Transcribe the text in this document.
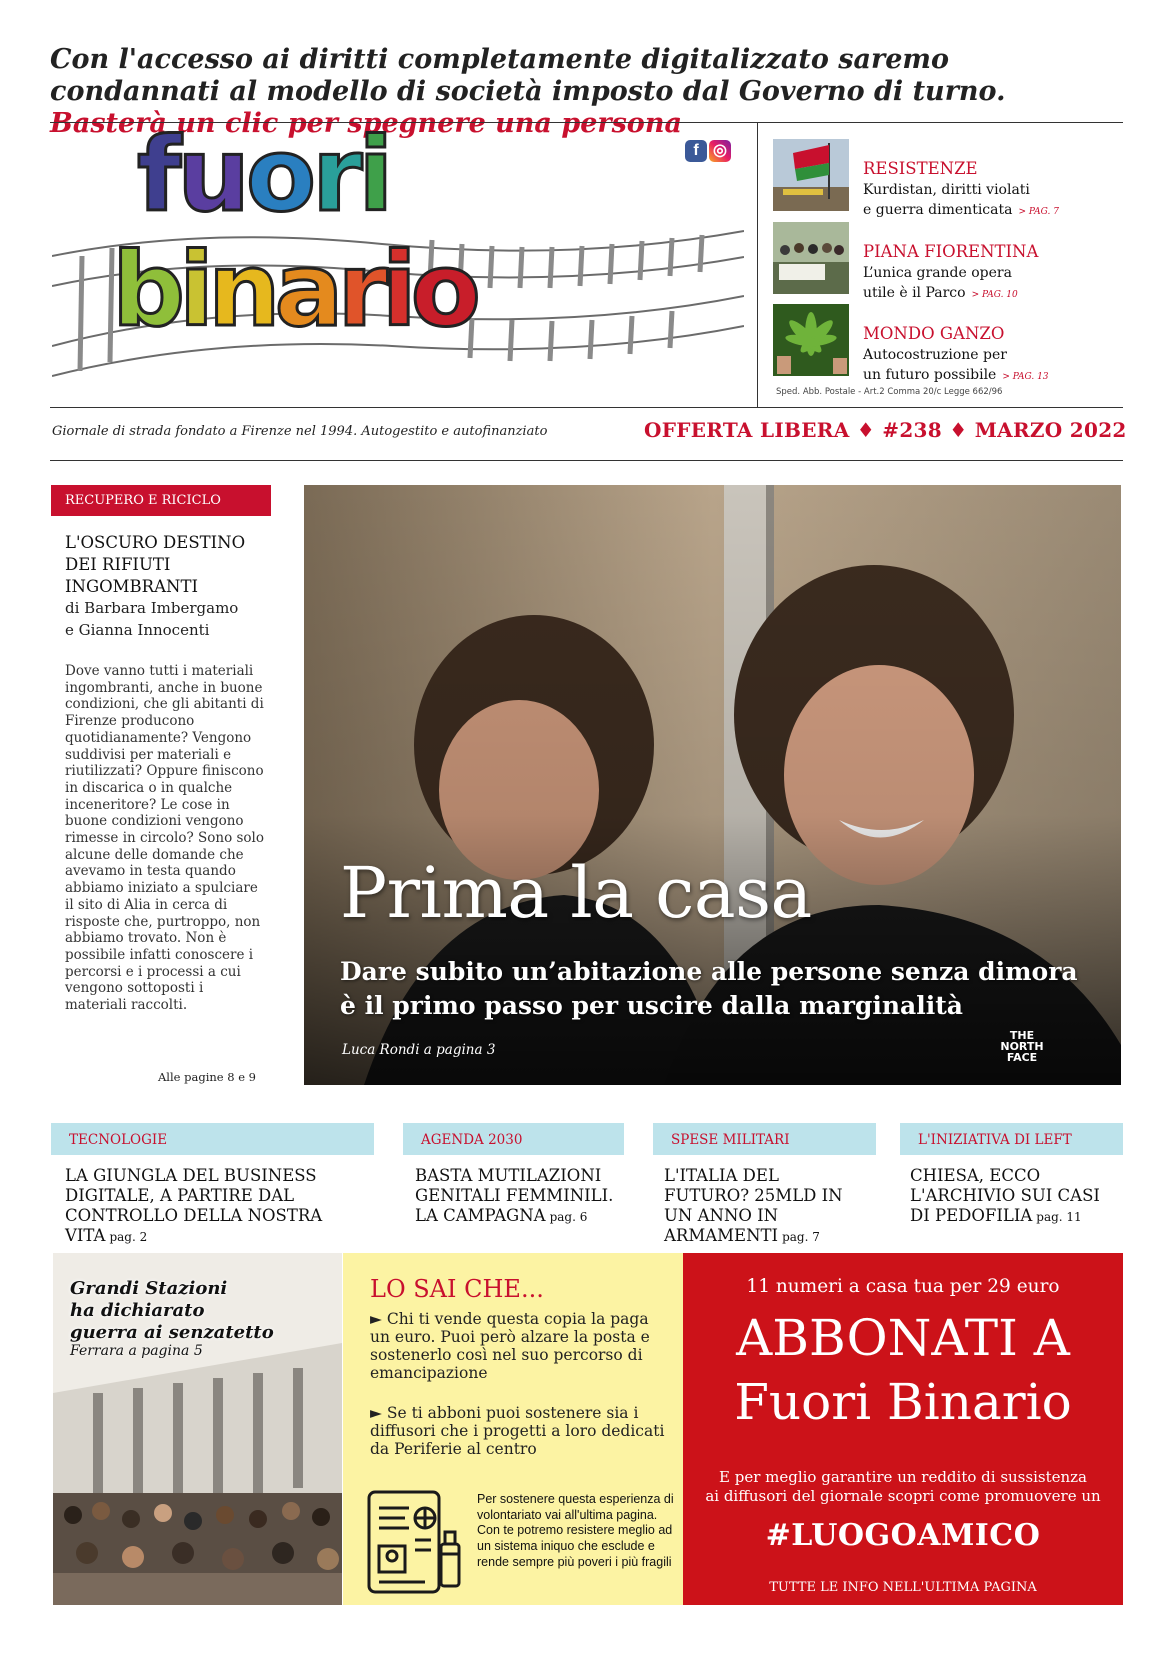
Con l'accesso ai diritti completamente digitalizzato saremo condannati al modello di società imposto dal Governo di turno. Basterà un clic per spegnere una persona
fuori
binario
f ◎
RESISTENZE
Kurdistan, diritti violati
e guerra dimenticata > PAG. 7
PIANA FIORENTINA
L’unica grande opera
utile è il Parco > PAG. 10
MONDO GANZO
Autocostruzione per
un futuro possibile > PAG. 13
Sped. Abb. Postale - Art.2 Comma 20/c Legge 662/96
Giornale di strada fondato a Firenze nel 1994. Autogestito e autofinanziato	OFFERTA LIBERA ♦ #238 ♦ MARZO 2022
RECUPERO E RICICLO
L'OSCURO DESTINO DEI RIFIUTI INGOMBRANTI
di Barbara Imbergamo
e Gianna Innocenti
Dove vanno tutti i materiali ingombranti, anche in buone condizioni, che gli abitanti di Firenze producono quotidianamente? Vengono suddivisi per materiali e riutilizzati? Oppure finiscono in discarica o in qualche inceneritore? Le cose in buone condizioni vengono rimesse in circolo? Sono solo alcune delle domande che avevamo in testa quando abbiamo iniziato a spulciare il sito di Alia in cerca di risposte che, purtroppo, non abbiamo trovato. Non è possibile infatti conoscere i percorsi e i processi a cui vengono sottoposti i materiali raccolti.
Alle pagine 8 e 9
Prima la casa
Dare subito un’abitazione alle persone senza dimora
è il primo passo per uscire dalla marginalità
Luca Rondi a pagina 3
THE NORTH FACE
TECNOLOGIE	AGENDA 2030	SPESE MILITARI	L'INIZIATIVA DI LEFT
LA GIUNGLA DEL BUSINESS DIGITALE, A PARTIRE DAL CONTROLLO DELLA NOSTRA VITA pag. 2
BASTA MUTILAZIONI GENITALI FEMMINILI. LA CAMPAGNA pag. 6
L'ITALIA DEL FUTURO? 25MLD IN UN ANNO IN ARMAMENTI pag. 7
CHIESA, ECCO L'ARCHIVIO SUI CASI DI PEDOFILIA pag. 11
Grandi Stazioni
ha dichiarato
guerra ai senzatetto
Ferrara a pagina 5
LO SAI CHE...
► Chi ti vende questa copia la paga un euro. Puoi però alzare la posta e sostenerlo così nel suo percorso di emancipazione
► Se ti abboni puoi sostenere sia i diffusori che i progetti a loro dedicati da Periferie al centro
Per sostenere questa esperienza di volontariato vai all'ultima pagina. Con te potremo resistere meglio ad un sistema iniquo che esclude e rende sempre più poveri i più fragili
11 numeri a casa tua per 29 euro
ABBONATI A
Fuori Binario
E per meglio garantire un reddito di sussistenza
ai diffusori del giornale scopri come promuovere un
#LUOGOAMICO
TUTTE LE INFO NELL'ULTIMA PAGINA
